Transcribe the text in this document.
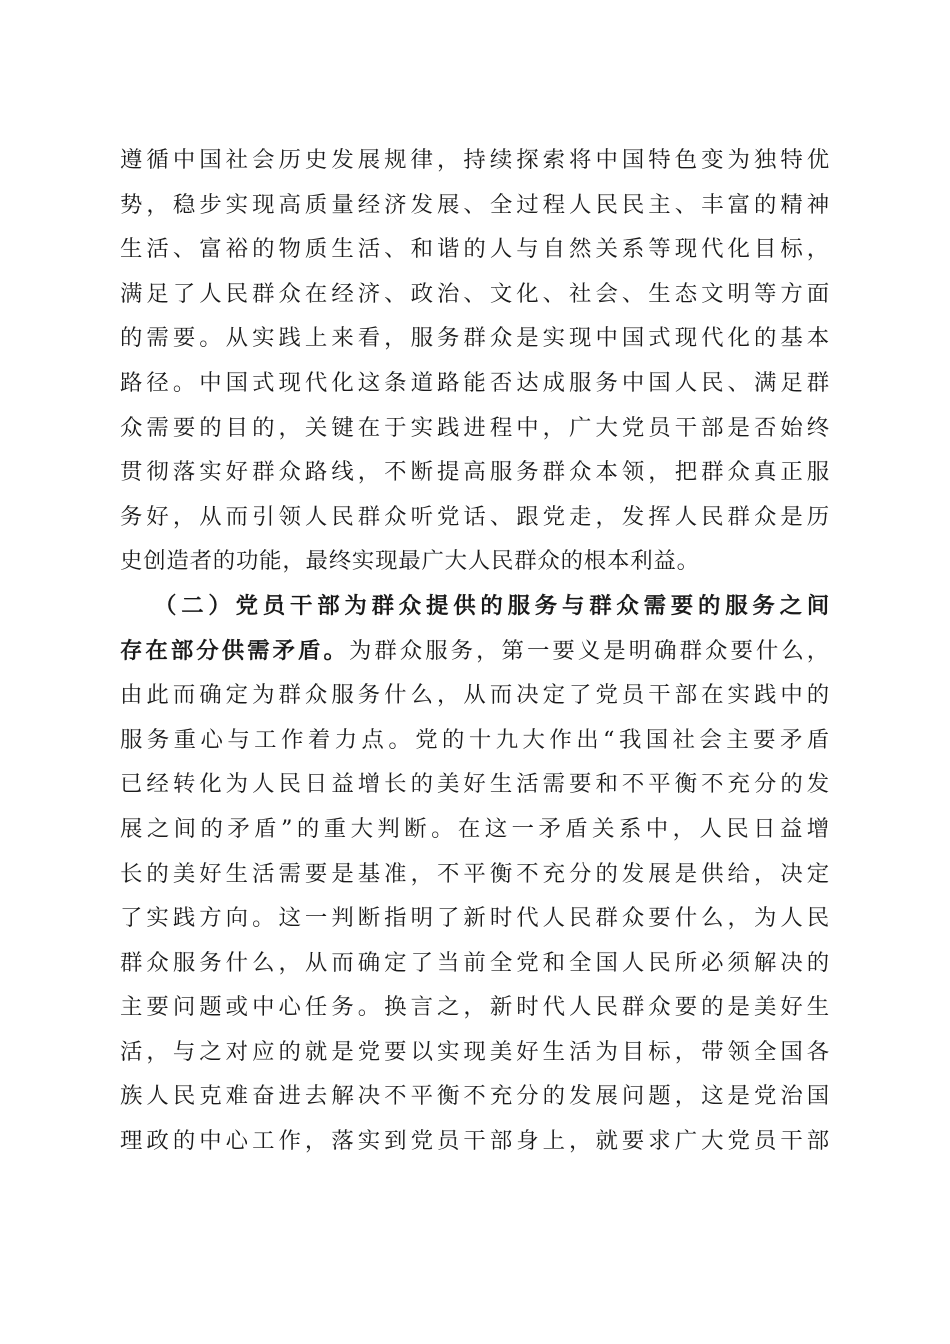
遵循中国社会历史发展规律，持续探索将中国特色变为独特优
势，稳步实现高质量经济发展、全过程人民民主、丰富的精神
生活、富裕的物质生活、和谐的人与自然关系等现代化目标，
满足了人民群众在经济、政治、文化、社会、生态文明等方面
的需要。从实践上来看，服务群众是实现中国式现代化的基本
路径。中国式现代化这条道路能否达成服务中国人民、满足群
众需要的目的，关键在于实践进程中，广大党员干部是否始终
贯彻落实好群众路线，不断提高服务群众本领，把群众真正服
务好，从而引领人民群众听党话、跟党走，发挥人民群众是历
史创造者的功能，最终实现最广大人民群众的根本利益。
（二）党员干部为群众提供的服务与群众需要的服务之间
存在部分供需矛盾。为群众服务，第一要义是明确群众要什么，
由此而确定为群众服务什么，从而决定了党员干部在实践中的
服务重心与工作着力点。党的十九大作出“我国社会主要矛盾
已经转化为人民日益增长的美好生活需要和不平衡不充分的发
展之间的矛盾”的重大判断。在这一矛盾关系中，人民日益增
长的美好生活需要是基准，不平衡不充分的发展是供给，决定
了实践方向。这一判断指明了新时代人民群众要什么，为人民
群众服务什么，从而确定了当前全党和全国人民所必须解决的
主要问题或中心任务。换言之，新时代人民群众要的是美好生
活，与之对应的就是党要以实现美好生活为目标，带领全国各
族人民克难奋进去解决不平衡不充分的发展问题，这是党治国
理政的中心工作，落实到党员干部身上，就要求广大党员干部
